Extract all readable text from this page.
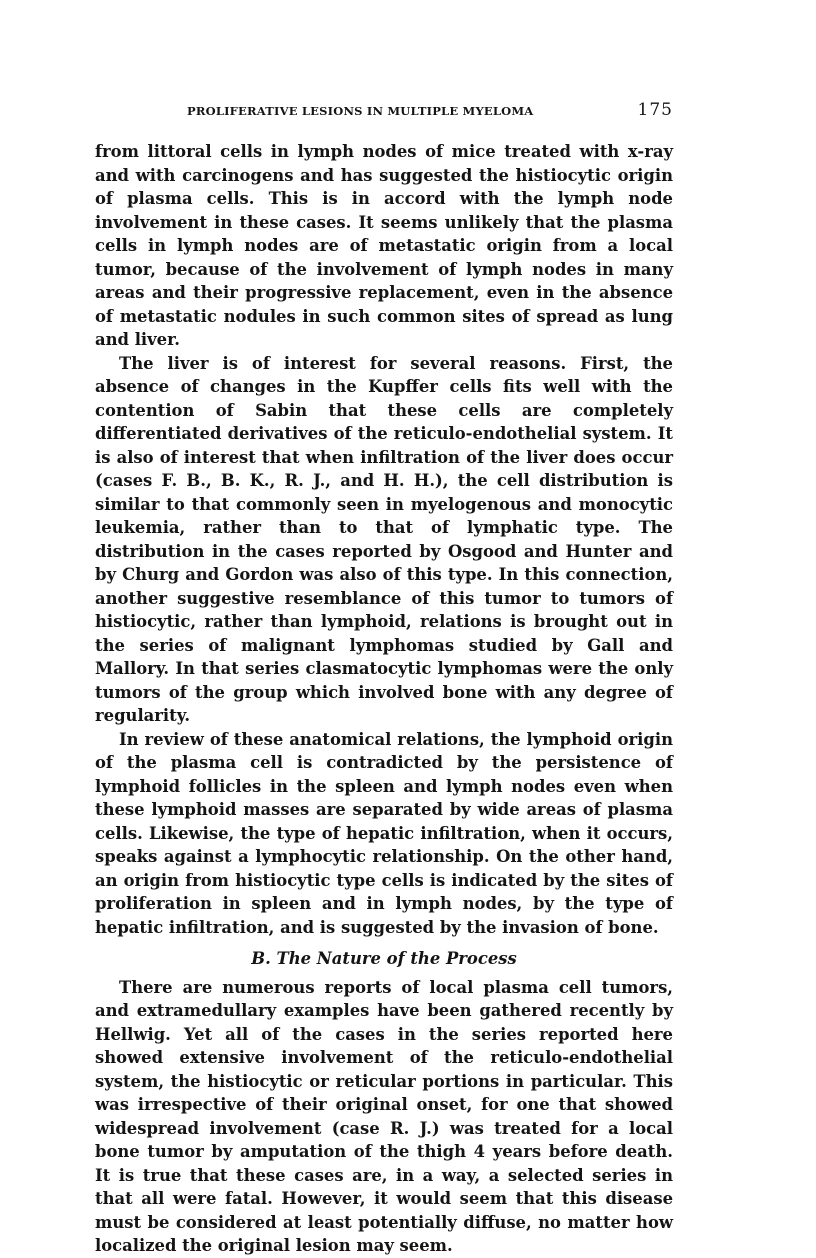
PROLIFERATIVE LESIONS IN MULTIPLE MYELOMA	175

from littoral cells in lymph nodes of mice treated with x-ray and with carcinogens and has suggested the histiocytic origin of plasma cells. This is in accord with the lymph node involvement in these cases. It seems unlikely that the plasma cells in lymph nodes are of metastatic origin from a local tumor, because of the involvement of lymph nodes in many areas and their progressive replacement, even in the absence of metastatic nodules in such common sites of spread as lung and liver.

The liver is of interest for several reasons. First, the absence of changes in the Kupffer cells fits well with the contention of Sabin that these cells are completely differentiated derivatives of the reticulo-endothelial system. It is also of interest that when infiltration of the liver does occur (cases F. B., B. K., R. J., and H. H.), the cell distribution is similar to that commonly seen in myelogenous and monocytic leukemia, rather than to that of lymphatic type. The distribution in the cases reported by Osgood and Hunter and by Churg and Gordon was also of this type. In this connection, another suggestive resemblance of this tumor to tumors of histiocytic, rather than lymphoid, relations is brought out in the series of malignant lymphomas studied by Gall and Mallory. In that series clasmatocytic lymphomas were the only tumors of the group which involved bone with any degree of regularity.

In review of these anatomical relations, the lymphoid origin of the plasma cell is contradicted by the persistence of lymphoid follicles in the spleen and lymph nodes even when these lymphoid masses are separated by wide areas of plasma cells. Likewise, the type of hepatic infiltration, when it occurs, speaks against a lymphocytic relationship. On the other hand, an origin from histiocytic type cells is indicated by the sites of proliferation in spleen and in lymph nodes, by the type of hepatic infiltration, and is suggested by the invasion of bone.

B. The Nature of the Process

There are numerous reports of local plasma cell tumors, and extramedullary examples have been gathered recently by Hellwig. Yet all of the cases in the series reported here showed extensive involvement of the reticulo-endothelial system, the histiocytic or reticular portions in particular. This was irrespective of their original onset, for one that showed widespread involvement (case R. J.) was treated for a local bone tumor by amputation of the thigh 4 years before death. It is true that these cases are, in a way, a selected series in that all were fatal. However, it would seem that this disease must be considered at least potentially diffuse, no matter how localized the original lesion may seem.
